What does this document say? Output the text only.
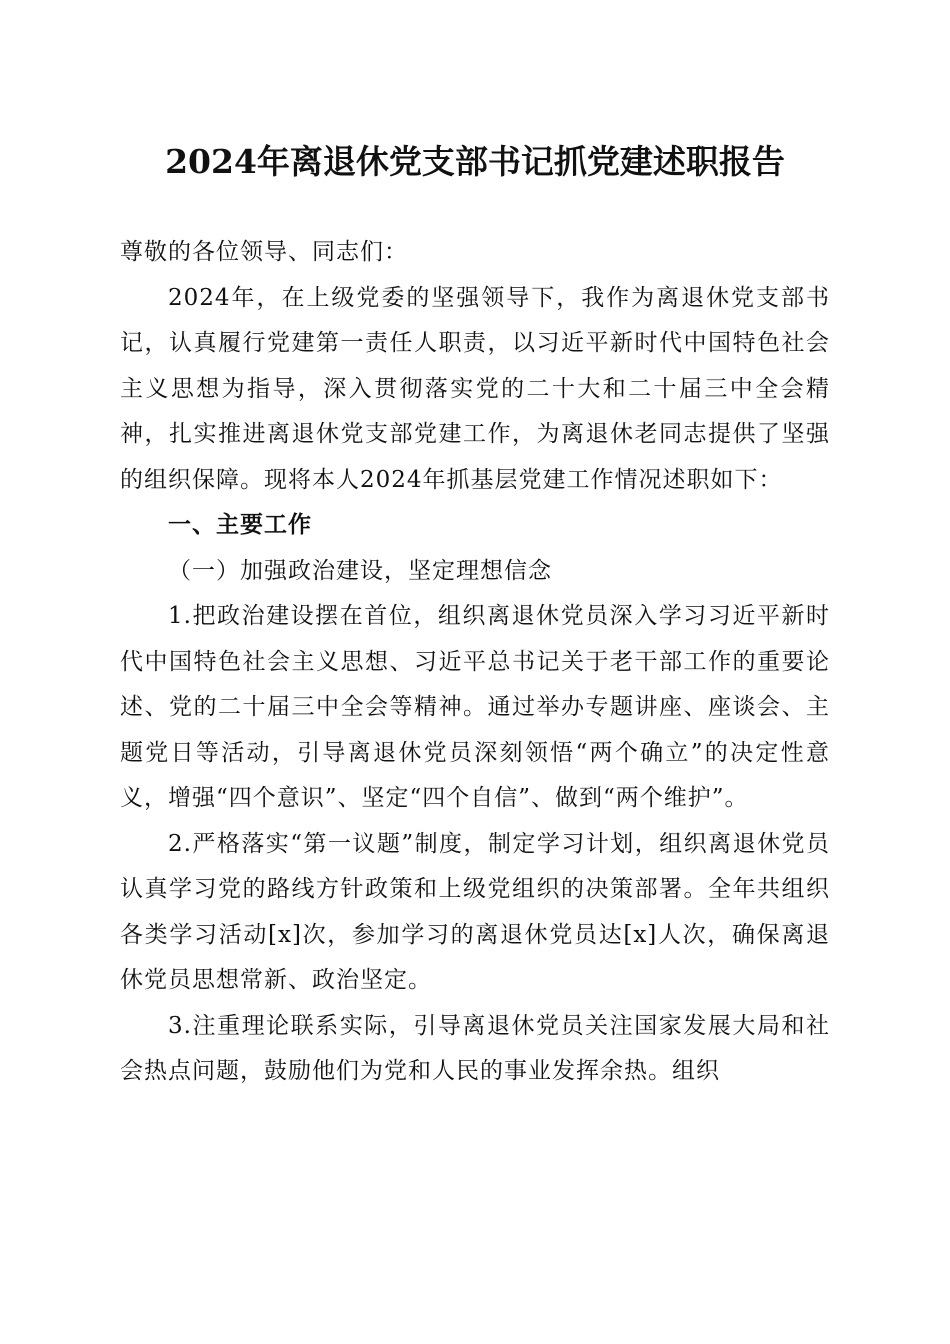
2024年离退休党支部书记抓党建述职报告

尊敬的各位领导、同志们：

2024年，在上级党委的坚强领导下，我作为离退休党支部书记，认真履行党建第一责任人职责，以习近平新时代中国特色社会主义思想为指导，深入贯彻落实党的二十大和二十届三中全会精神，扎实推进离退休党支部党建工作，为离退休老同志提供了坚强的组织保障。现将本人2024年抓基层党建工作情况述职如下：

一、主要工作

（一）加强政治建设，坚定理想信念

1.把政治建设摆在首位，组织离退休党员深入学习习近平新时代中国特色社会主义思想、习近平总书记关于老干部工作的重要论述、党的二十届三中全会等精神。通过举办专题讲座、座谈会、主题党日等活动，引导离退休党员深刻领悟“两个确立”的决定性意义，增强“四个意识”、坚定“四个自信”、做到“两个维护”。

2.严格落实“第一议题”制度，制定学习计划，组织离退休党员认真学习党的路线方针政策和上级党组织的决策部署。全年共组织各类学习活动[x]次，参加学习的离退休党员达[x]人次，确保离退休党员思想常新、政治坚定。

3.注重理论联系实际，引导离退休党员关注国家发展大局和社会热点问题，鼓励他们为党和人民的事业发挥余热。组织
